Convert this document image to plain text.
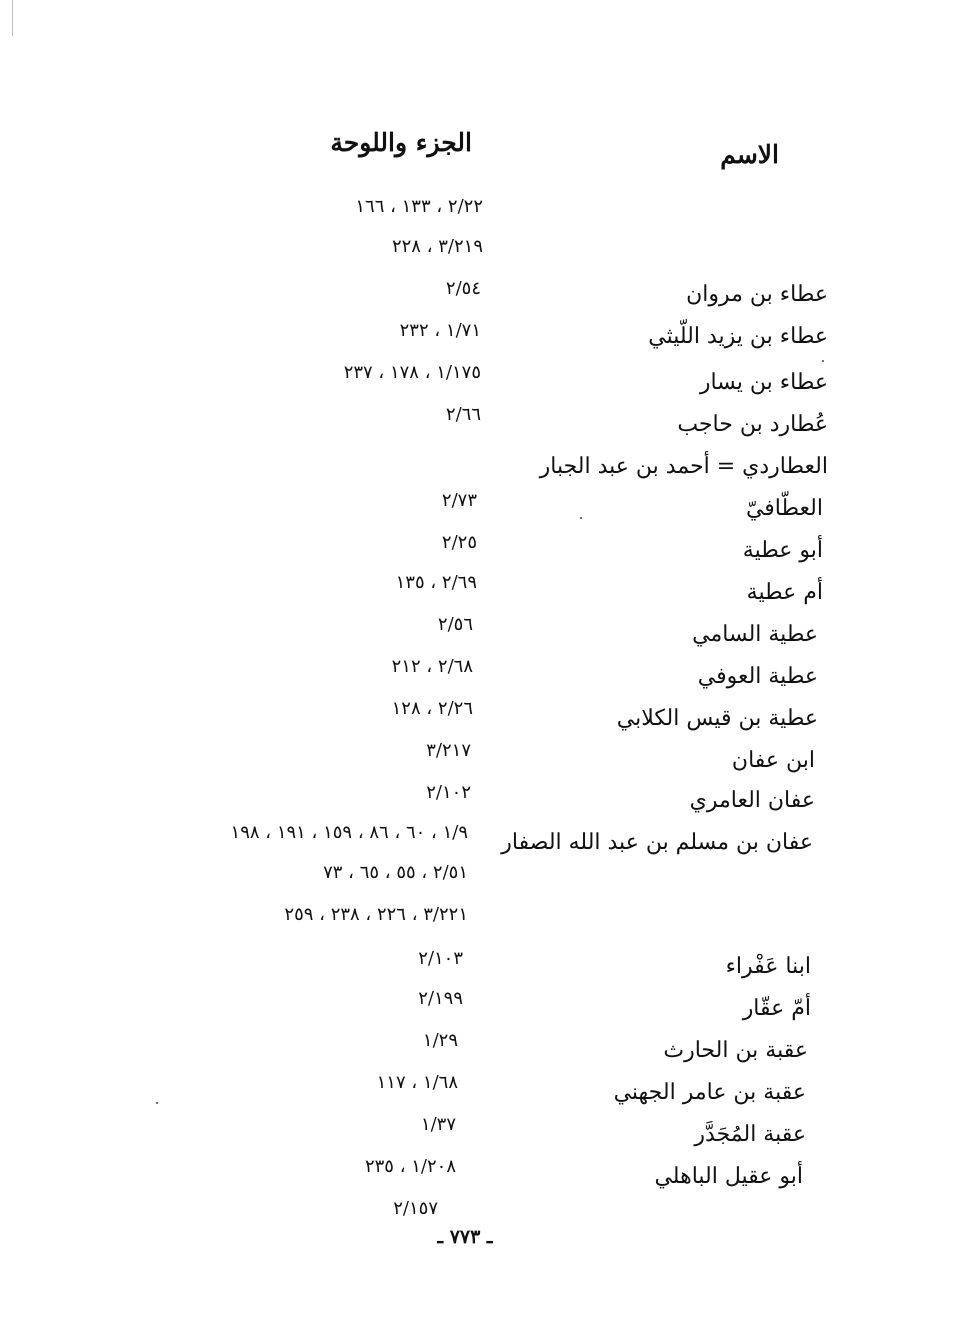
الاسم
الجزء واللوحة
٢/٢٢ ، ١٣٣ ، ١٦٦
٣/٢١٩ ، ٢٢٨
عطاء بن مروان
٢/٥٤
عطاء بن يزيد اللّيثي
١/٧١ ، ٢٣٢
عطاء بن يسار
١/١٧٥ ، ١٧٨ ، ٢٣٧
عُطارد بن حاجب
٢/٦٦
العطاردي = أحمد بن عبد الجبار
العطّافيّ
٢/٧٣
أبو عطية
٢/٢٥
أم عطية
٢/٦٩ ، ١٣٥
عطية السامي
٢/٥٦
عطية العوفي
٢/٦٨ ، ٢١٢
عطية بن قيس الكلابي
٢/٢٦ ، ١٢٨
ابن عفان
٣/٢١٧
عفان العامري
٢/١٠٢
عفان بن مسلم بن عبد الله الصفار
١/٩ ، ٦٠ ، ٨٦ ، ١٥٩ ، ١٩١ ، ١٩٨
٢/٥١ ، ٥٥ ، ٦٥ ، ٧٣
٣/٢٢١ ، ٢٢٦ ، ٢٣٨ ، ٢٥٩
ابنا عَفْراء
٢/١٠٣
أمّ عقّار
٢/١٩٩
عقبة بن الحارث
١/٢٩
عقبة بن عامر الجهني
١/٦٨ ، ١١٧
عقبة المُجَدَّر
١/٣٧
أبو عقيل الباهلي
١/٢٠٨ ، ٢٣٥
٢/١٥٧
ـ ٧٧٣ ـ
